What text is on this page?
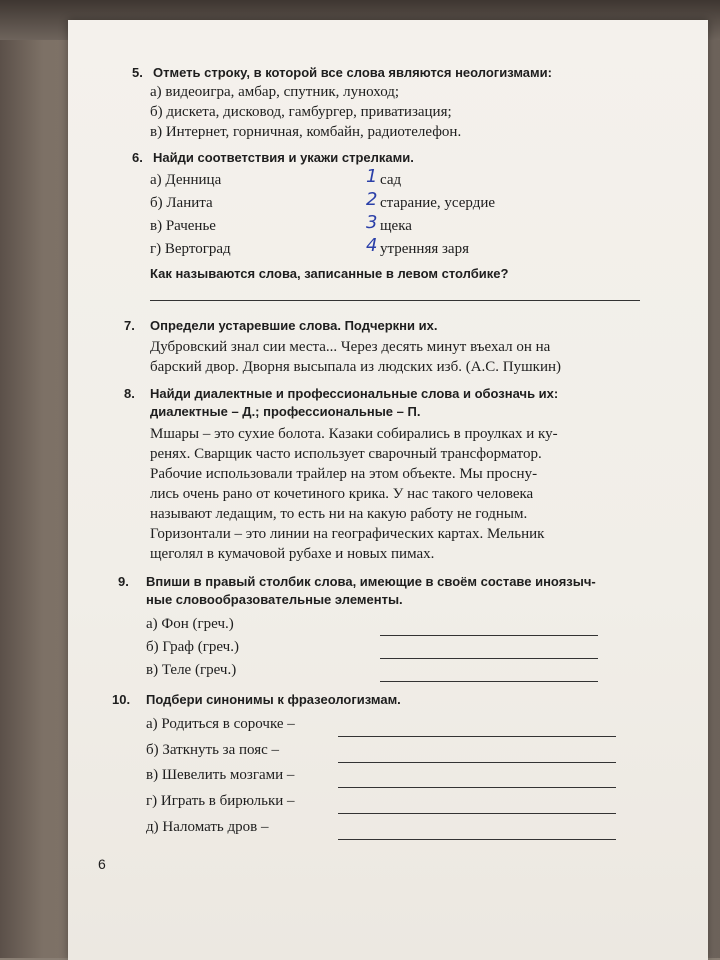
5. Отметь строку, в которой все слова являются неологизмами:
а) видеоигра, амбар, спутник, луноход;
б) дискета, дисковод, гамбургер, приватизация;
в) Интернет, горничная, комбайн, радиотелефон.
6. Найди соответствия и укажи стрелками.
а) Денница
б) Ланита
в) Раченье
г) Вертоград
1
2
3
4
сад
старание, усердие
щека
утренняя заря
Как называются слова, записанные в левом столбике?
7. Определи устаревшие слова. Подчеркни их.
Дубровский знал сии места... Через десять минут въехал он на
барский двор. Дворня высыпала из людских изб. (А.С. Пушкин)
8. Найди диалектные и профессиональные слова и обозначь их:
диалектные – Д.; профессиональные – П.
Мшары – это сухие болота. Казаки собирались в проулках и ку-
ренях. Сварщик часто использует сварочный трансформатор.
Рабочие использовали трайлер на этом объекте. Мы просну-
лись очень рано от кочетиного крика. У нас такого человека
называют ледащим, то есть ни на какую работу не годным.
Горизонтали – это линии на географических картах. Мельник
щеголял в кумачовой рубахе и новых пимах.
9. Впиши в правый столбик слова, имеющие в своём составе иноязыч-
ные словообразовательные элементы.
а) Фон (греч.)
б) Граф (греч.)
в) Теле (греч.)
10. Подбери синонимы к фразеологизмам.
а) Родиться в сорочке –
б) Заткнуть за пояс –
в) Шевелить мозгами –
г) Играть в бирюльки –
д) Наломать дров –
6
